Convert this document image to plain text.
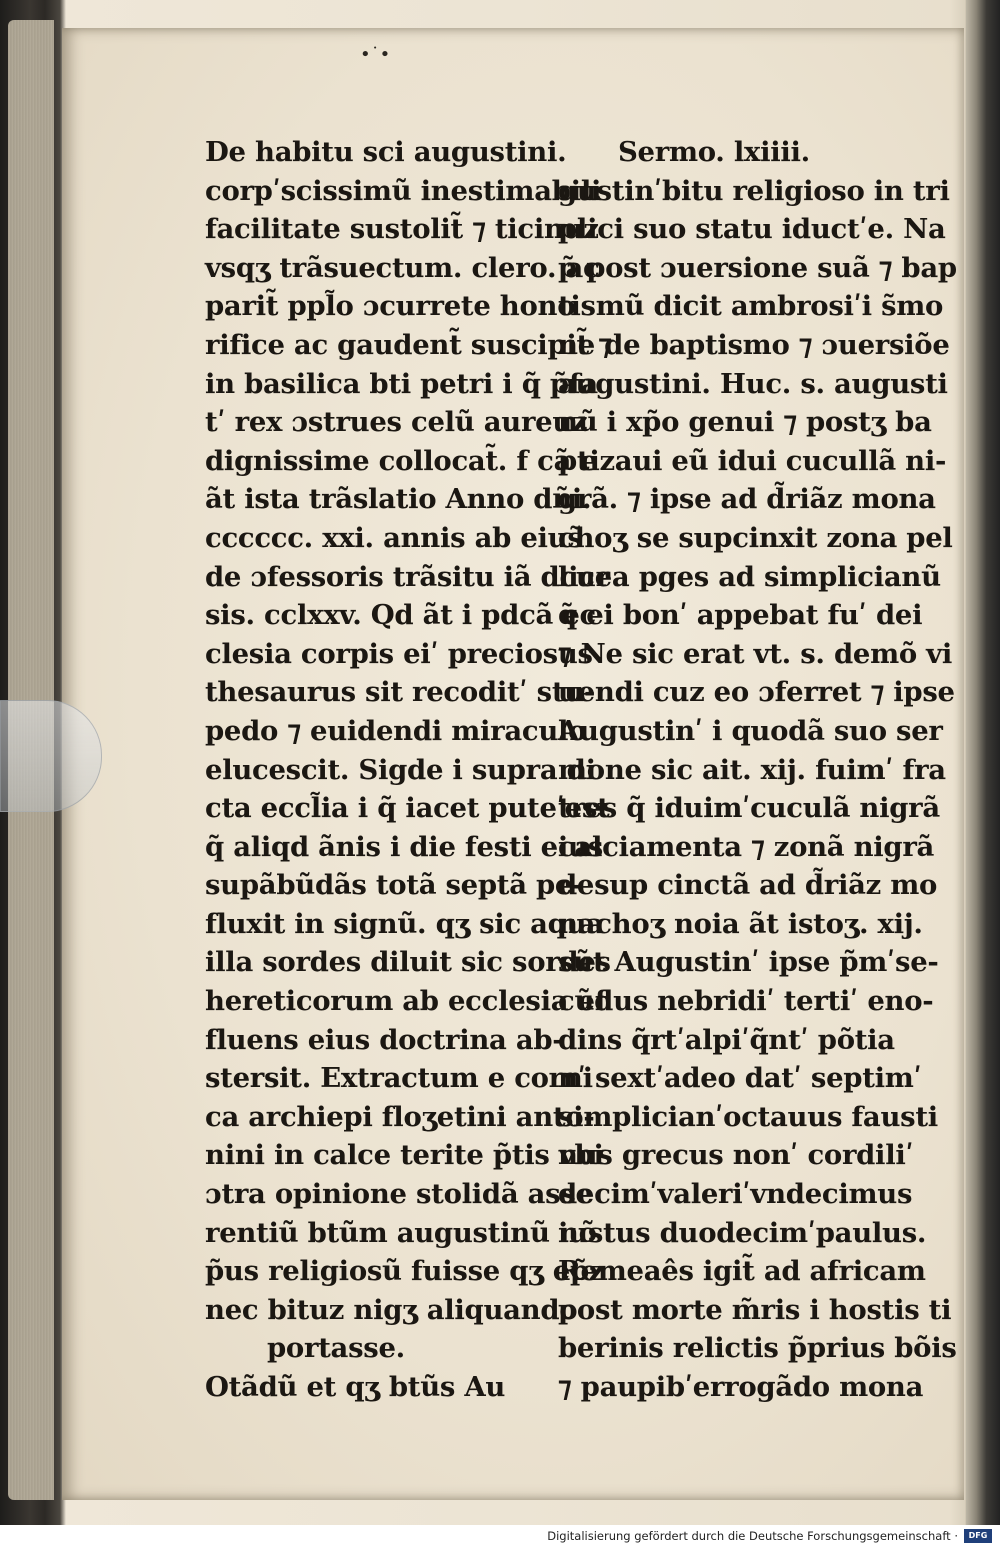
•˙•
De habitu sci augustini.
corpʹscissimũ inestimabili
facilitate sustolit̃ ⁊ ticinuz
vsqʒ trãsuectum. clero. ac
parit̃ ppl̃o ɔcurrete hono
rifice ac gaudent̃ suscipit̃ ⁊
in basilica bti petri i q̃ p̃fa
tʹ rex ɔstrues celũ aureuz
dignissime collocat̃. f cã e
ãt ista trãslatio Anno dñi.
cccccc. xxi. annis ab eius̃
de ɔfessoris trãsitu iã dcur
sis. cclxxv. Qd ãt i pdcã ec
clesia corpis eiʹ preciosus
thesaurus sit recoditʹ stu-
pedo ⁊ euidendi miraculo
elucescit. Sigde i supra di
cta eccl̃ia i q̃ iacet puteʹest
q̃ aliqd ãnis i die festi eius
supãbũdãs totã septã pe-
fluxit in signũ. qʒ sic aqua
illa sordes diluit sic sordes
hereticorum ab ecclesia ef
fluens eius doctrina ab-
stersit. Extractum e corni
ca archiepi floʒetini anto-
nini in calce terite p̃tis vbi
ɔtra opinione stolidã asse
rentiũ btũm augustinũ nõ
p̃us religiosũ fuisse qʒ ep̃z
nec bituz nigʒ aliquando
portasse.
Otãdũ et qʒ btũs Au
Sermo. lxiiii.
gustinʹbitu religioso in tri
plici suo statu iductʹe. Na
p̃ post ɔuersione suã ⁊ bap
tismũ dicit ambrosiʹi s̃mo
ne de baptismo ⁊ ɔuersiõe
augustini. Huc. s. augusti
nũ i xp̃o genui ⁊ postʒ ba
ptizaui eũ idui cucullã ni-
grã. ⁊ ipse ad d̃riãz mona
choʒ se supcinxit zona pel
licea pges ad simplicianũ
q̃ ei bonʹ appebat fuʹ dei
⁊ Ne sic erat vt. s. demõ vi
uendi cuz eo ɔferret ⁊ ipse
Augustinʹ i quodã suo ser
mone sic ait. xij. fuimʹ fra
tres q̃ iduimʹcuculã nigrã
calciamenta ⁊ zonã nigrã
desup cinctã ad d̃riãz mo
nachoʒ noia ãt istoʒ. xij.
sũt Augustinʹ ipse p̃mʹse-
cũdus nebridiʹ tertiʹ eno-
dins q̃rtʹalpiʹq̃ntʹ põtia
nʹ sextʹadeo datʹ septimʹ
simplicianʹoctauus fausti
nus grecus nonʹ cordiliʹ
decimʹvaleriʹvndecimus
iustus duodecimʹpaulus.
Remeaês igit̃ ad africam
post morte m̃ris i hostis ti
berinis relictis p̃prius bõis
⁊ paupibʹerrogãdo mona
Digitalisierung gefördert durch die Deutsche Forschungsgemeinschaft ·	DFG
